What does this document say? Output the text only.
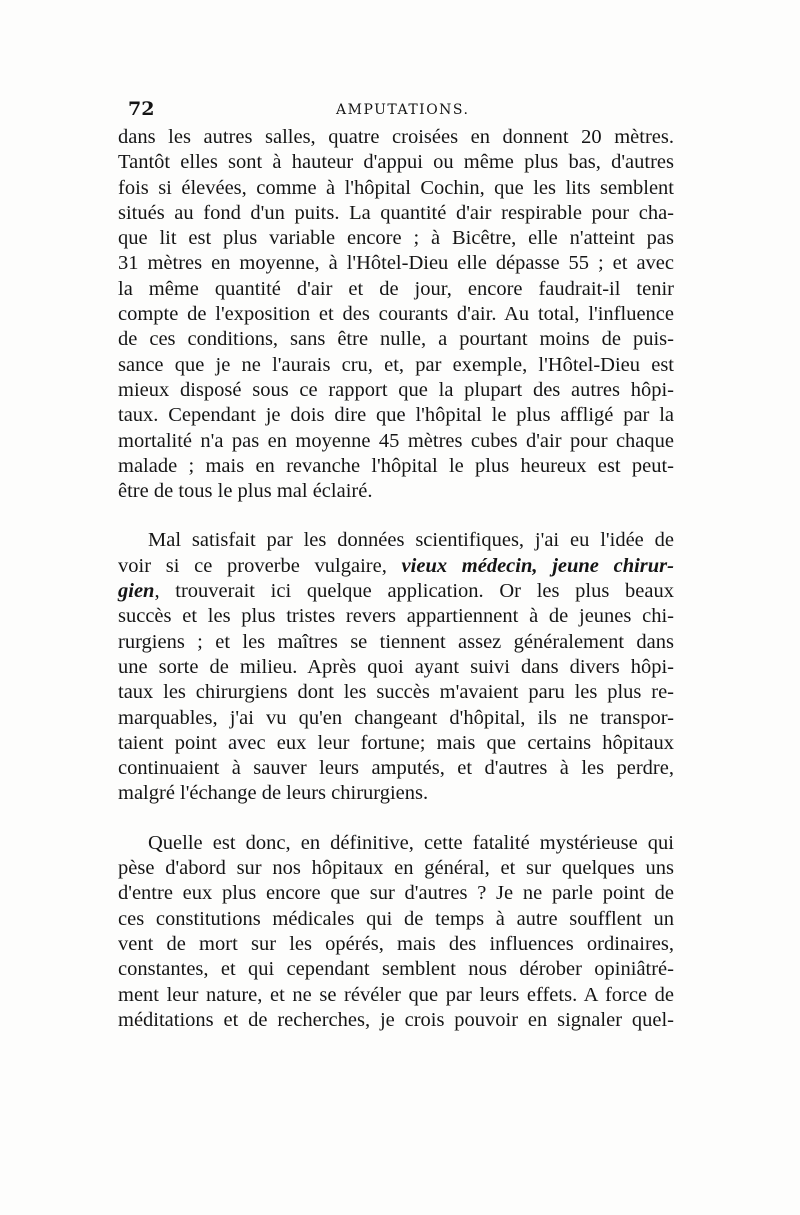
72	AMPUTATIONS.
dans les autres salles, quatre croisées en donnent 20 mètres.
Tantôt elles sont à hauteur d'appui ou même plus bas, d'autres
fois si élevées, comme à l'hôpital Cochin, que les lits semblent
situés au fond d'un puits. La quantité d'air respirable pour cha-
que lit est plus variable encore ; à Bicêtre, elle n'atteint pas
31 mètres en moyenne, à l'Hôtel-Dieu elle dépasse 55 ; et avec
la même quantité d'air et de jour, encore faudrait-il tenir
compte de l'exposition et des courants d'air. Au total, l'influence
de ces conditions, sans être nulle, a pourtant moins de puis-
sance que je ne l'aurais cru, et, par exemple, l'Hôtel-Dieu est
mieux disposé sous ce rapport que la plupart des autres hôpi-
taux. Cependant je dois dire que l'hôpital le plus affligé par la
mortalité n'a pas en moyenne 45 mètres cubes d'air pour chaque
malade ; mais en revanche l'hôpital le plus heureux est peut-
être de tous le plus mal éclairé.
Mal satisfait par les données scientifiques, j'ai eu l'idée de
voir si ce proverbe vulgaire, vieux médecin, jeune chirur-
gien, trouverait ici quelque application. Or les plus beaux
succès et les plus tristes revers appartiennent à de jeunes chi-
rurgiens ; et les maîtres se tiennent assez généralement dans
une sorte de milieu. Après quoi ayant suivi dans divers hôpi-
taux les chirurgiens dont les succès m'avaient paru les plus re-
marquables, j'ai vu qu'en changeant d'hôpital, ils ne transpor-
taient point avec eux leur fortune; mais que certains hôpitaux
continuaient à sauver leurs amputés, et d'autres à les perdre,
malgré l'échange de leurs chirurgiens.
Quelle est donc, en définitive, cette fatalité mystérieuse qui
pèse d'abord sur nos hôpitaux en général, et sur quelques uns
d'entre eux plus encore que sur d'autres ? Je ne parle point de
ces constitutions médicales qui de temps à autre soufflent un
vent de mort sur les opérés, mais des influences ordinaires,
constantes, et qui cependant semblent nous dérober opiniâtré-
ment leur nature, et ne se révéler que par leurs effets. A force de
méditations et de recherches, je crois pouvoir en signaler quel-
